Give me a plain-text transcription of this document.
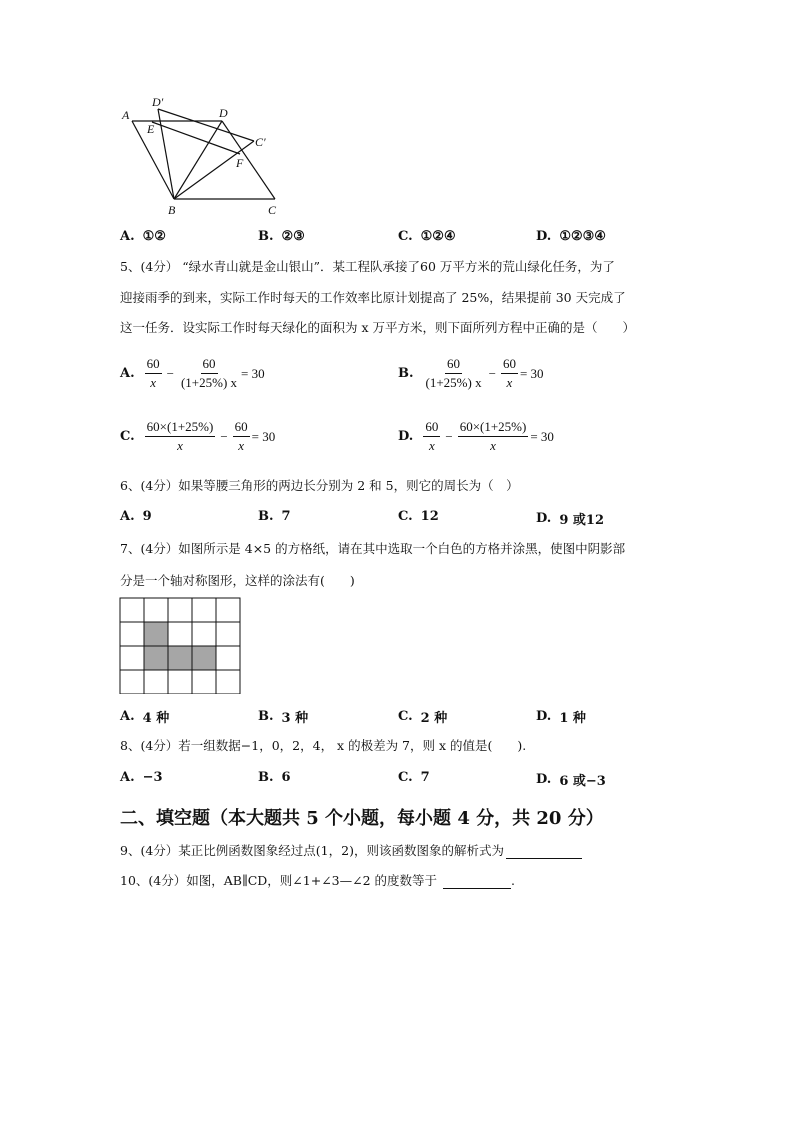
A
D′
D
E
C′
F
B	C
A. ①②	B. ②③	C. ①②④	D. ①②③④
5、(4分） “绿水青山就是金山银山”．某工程队承接了60 万平方米的荒山绿化任务，为了
迎接雨季的到来，实际工作时每天的工作效率比原计划提高了 25%，结果提前 30 天完成了
这一任务．设实际工作时每天绿化的面积为 x 万平方米，则下面所列方程中正确的是（　　）
A. $\frac{60}{x} - \frac{60}{(1+25\%) x} = 30$	B. $\frac{60}{(1+25\%) x} - \frac{60}{x} = 30$
C. $\frac{60\times(1+25\%)}{x} - \frac{60}{x} = 30$	D. $\frac{60}{x} - \frac{60\times(1+25\%)}{x} = 30$
6、(4分）如果等腰三角形的两边长分别为 2 和 5，则它的周长为（　）
A. 9	B. 7	C. 12	D. 9 或12
7、(4分）如图所示是 4×5 的方格纸，请在其中选取一个白色的方格并涂黑，使图中阴影部
分是一个轴对称图形，这样的涂法有(　　)
A. 4 种	B. 3 种	C. 2 种	D. 1 种
8、(4分）若一组数据−1，0，2，4， x 的极差为 7，则 x 的值是(　　).
A. −3	B. 6	C. 7	D. 6 或−3
二、填空题（本大题共 5 个小题，每小题 4 分，共 20 分）
9、(4分）某正比例函数图象经过点(1，2)，则该函数图象的解析式为
10、(4分）如图，AB∥CD，则∠1+∠3—∠2 的度数等于	.
